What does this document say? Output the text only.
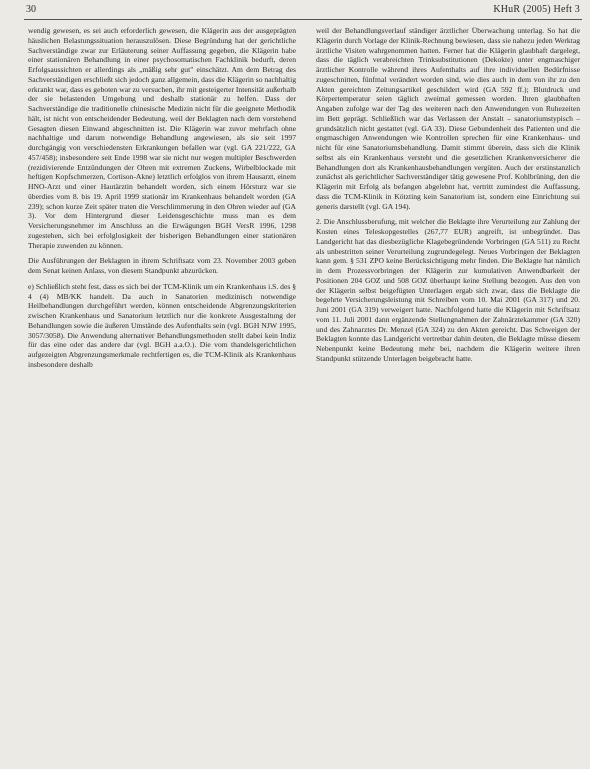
30	KHuR (2005) Heft 3

wendig gewesen, es sei auch erforderlich gewesen, die Klägerin aus der ausgeprägten häuslichen Belastungssituation herauszulösen. Diese Begründung hat der gerichtliche Sachverständige zwar zur Erläuterung seiner Auffassung gegeben, die Klägerin habe einer stationären Behandlung in einer psychosomatischen Fachklinik bedurft, deren Erfolgsaussichten er allerdings als „mäßig sehr gut" einschätzt. Am dem Betrag des Sachverständigen erschließt sich jedoch ganz allgemein, dass die Klägerin so nachhaltig erkrankt war, dass es geboten war zu versuchen, ihr mit gesteigerter Intensität außerhalb der sie belastenden Umgebung und deshalb stationär zu helfen. Dass der Sachverständige die traditionelle chinesische Medizin nicht für die geeignete Methodik hält, ist nicht von entscheidender Bedeutung, weil der Beklagten nach dem vorstehend Gesagten diesen Einwand abgeschnitten ist. Die Klägerin war zuvor mehrfach ohne nachhaltige und darum notwendige Behandlung angewiesen, als sie seit 1997 durchgängig von verschiedensten Erkrankungen befallen war (vgl. GA 221/222, GA 457/458); insbesondere seit Ende 1998 war sie nicht nur wegen multipler Beschwerden (rezidivierende Entzündungen der Ohren mit extremen Zuckens, Wirbelblockade mit heftigen Kopfschmerzen, Cortison-Akne) letztlich erfolglos von ihrem Hausarzt, einem HNO-Arzt und einer Hautärztin behandelt worden, sich einem Hörsturz war sie überdies vom 8. bis 19. April 1999 stationär im Krankenhaus behandelt worden (GA 239); schon kurze Zeit später traten die Verschlimmerung in den Ohren wieder auf (GA 3). Vor dem Hintergrund dieser Leidensgeschichte muss man es dem Versicherungsnehmer im Anschluss an die Erwägungen BGH VersR 1996, 1298 zugestehen, sich bei erfolglosigkeit der bisherigen Behandlungen einer stationären Therapie zuwenden zu können.

Die Ausführungen der Beklagten in ihrem Schriftsatz vom 23. November 2003 geben dem Senat keinen Anlass, von diesem Standpunkt abzurücken.

e) Schließlich steht fest, dass es sich bei der TCM-Klinik um ein Krankenhaus i.S. des § 4 (4) MB/KK handelt. Da auch in Sanatorien medizinisch notwendige Heilbehandlungen durchgeführt werden, können entscheidende Abgrenzungskriterien zwischen Krankenhaus und Sanatorium letztlich nur die konkrete Ausgestaltung der Behandlungen sowie die äußeren Umstände des Aufenthalts sein (vgl. BGH NJW 1995, 3057/3058). Die Anwendung alternativer Behandlungsmethoden stellt dabei kein Indiz für das eine oder das andere dar (vgl. BGH a.a.O.). Die vom thandelsgerichtlichen aufgezeigten Abgrenzungsmerkmale rechtfertigen es, die TCM-Klinik als Krankenhaus insbesondere deshalb

weil der Behandlungsverlauf ständiger ärztlicher Überwachung unterlag. So hat die Klägerin durch Vorlage der Klinik-Rechnung bewiesen, dass sie nahezu jeden Werktag ärztliche Visiten wahrgenommen hatten. Ferner hat die Klägerin glaubhaft dargelegt, dass die täglich verabreichten Trinksubstitutionen (Dekokte) unter engmaschiger ärztlicher Kontrolle während ihres Aufenthalts auf ihre individuellen Bedürfnisse zugeschnitten, fünfmal verändert worden sind, wie dies auch in dem von ihr zu den Akten gereichten Zeitungsartikel geschildert wird (GA 592 ff.); Blutdruck und Körpertemperatur seien täglich zweimal gemessen worden. Ihren glaubhaften Angaben zufolge war der Tag des weiteren nach den Anwendungen von Ruhezeiten im Bett geprägt. Schließlich war das Verlassen der Anstalt – sanatoriumstypisch – grundsätzlich nicht gestattet (vgl. GA 33). Diese Gebundenheit des Patienten und die engmaschigen Anwendungen wie Kontrollen sprechen für eine Krankenhaus- und nicht für eine Sanatoriumsbehandlung. Damit stimmt überein, dass sich die Klinik selbst als ein Krankenhaus versteht und die gesetzlichen Krankenversicherer die Behandlungen dort als Krankenhausbehandlungen vergüten. Auch der erstinstanzlich zunächst als gerichtlicher Sachverständiger tätig gewesene Prof. Kohlbrüning, den die Klägerin mit Erfolg als befangen abgelehnt hat, vertritt zumindest die Auffassung, dass die TCM-Klinik in Kötzting kein Sanatorium ist, sondern eine Einrichtung sui generis darstellt (vgl. GA 194).

2. Die Anschlussberufung, mit welcher die Beklagte ihre Verurteilung zur Zahlung der Kosten eines Teleskopgestelles (267,77 EUR) angreift, ist unbegründet. Das Landgericht hat das diesbezügliche Klagebegründende Vorbringen (GA 511) zu Recht als unbestritten seiner Verurteilung zugrundegelegt. Neues Vorbringen der Beklagten kann gem. § 531 ZPO keine Berücksichtigung mehr finden. Die Beklagte hat nämlich in dem Prozessvorbringen der Klägerin zur kumulativen Anwendbarkeit der Positionen 204 GOZ und 508 GOZ überhaupt keine Stellung bezogen. Aus den von der Klägerin selbst beigefügten Unterlagen ergab sich zwar, dass die Beklagte die begehrte Versicherungsleistung mit Schreiben vom 10. Mai 2001 (GA 317) und 20. Juni 2001 (GA 319) verweigert hatte. Nachfolgend hatte die Klägerin mit Schriftsatz vom 11. Juli 2001 dann ergänzende Stellungnahmen der Zahnärztekammer (GA 320) und des Zahnarztes Dr. Menzel (GA 324) zu den Akten gereicht. Das Schweigen der Beklagten konnte das Landgericht vertretbar dahin deuten, die Beklagte müsse diesem Nebenpunkt keine Bedeutung mehr bei, nachdem die Klägerin weitere ihren Standpunkt stützende Unterlagen beigebracht hatte.
